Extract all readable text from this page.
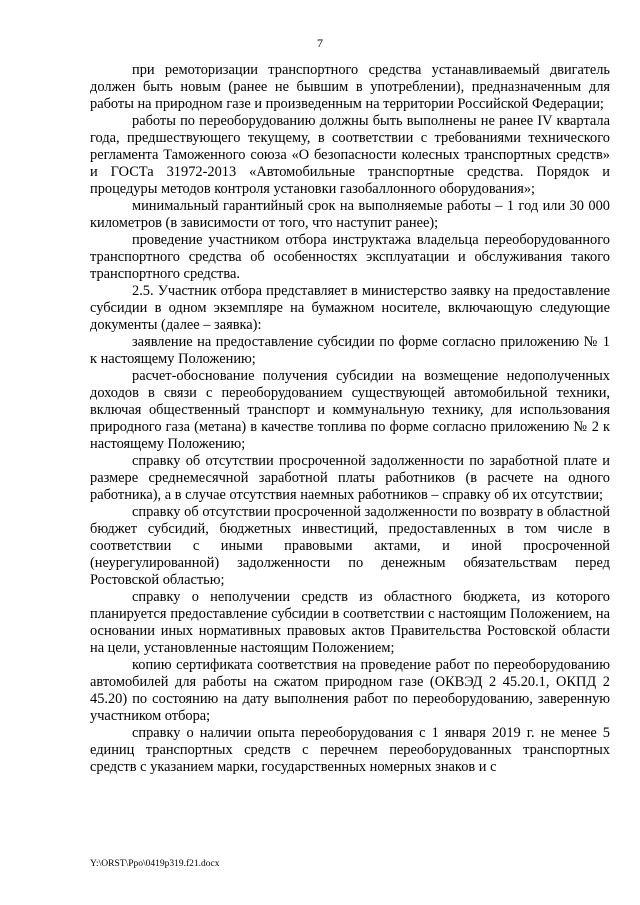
7

при ремоторизации транспортного средства устанавливаемый двигатель должен быть новым (ранее не бывшим в употреблении), предназначенным для работы на природном газе и произведенным на территории Российской Федерации;

работы по переоборудованию должны быть выполнены не ранее IV квартала года, предшествующего текущему, в соответствии с требованиями технического регламента Таможенного союза «О безопасности колесных транспортных средств» и ГОСТа 31972-2013 «Автомобильные транспортные средства. Порядок и процедуры методов контроля установки газобаллонного оборудования»;

минимальный гарантийный срок на выполняемые работы – 1 год или 30 000 километров (в зависимости от того, что наступит ранее);

проведение участником отбора инструктажа владельца переоборудованного транспортного средства об особенностях эксплуатации и обслуживания такого транспортного средства.

2.5. Участник отбора представляет в министерство заявку на предоставление субсидии в одном экземпляре на бумажном носителе, включающую следующие документы (далее – заявка):

заявление на предоставление субсидии по форме согласно приложению № 1 к настоящему Положению;

расчет-обоснование получения субсидии на возмещение недополученных доходов в связи с переоборудованием существующей автомобильной техники, включая общественный транспорт и коммунальную технику, для использования природного газа (метана) в качестве топлива по форме согласно приложению № 2 к настоящему Положению;

справку об отсутствии просроченной задолженности по заработной плате и размере среднемесячной заработной платы работников (в расчете на одного работника), а в случае отсутствия наемных работников – справку об их отсутствии;

справку об отсутствии просроченной задолженности по возврату в областной бюджет субсидий, бюджетных инвестиций, предоставленных в том числе в соответствии с иными правовыми актами, и иной просроченной (неурегулированной) задолженности по денежным обязательствам перед Ростовской областью;

справку о неполучении средств из областного бюджета, из которого планируется предоставление субсидии в соответствии с настоящим Положением, на основании иных нормативных правовых актов Правительства Ростовской области на цели, установленные настоящим Положением;

копию сертификата соответствия на проведение работ по переоборудованию автомобилей для работы на сжатом природном газе (ОКВЭД 2 45.20.1, ОКПД 2 45.20) по состоянию на дату выполнения работ по переоборудованию, заверенную участником отбора;

справку о наличии опыта переоборудования с 1 января 2019 г. не менее 5 единиц транспортных средств с перечнем переоборудованных транспортных средств с указанием марки, государственных номерных знаков и с

Y:\ORST\Ppo\0419p319.f21.docx
